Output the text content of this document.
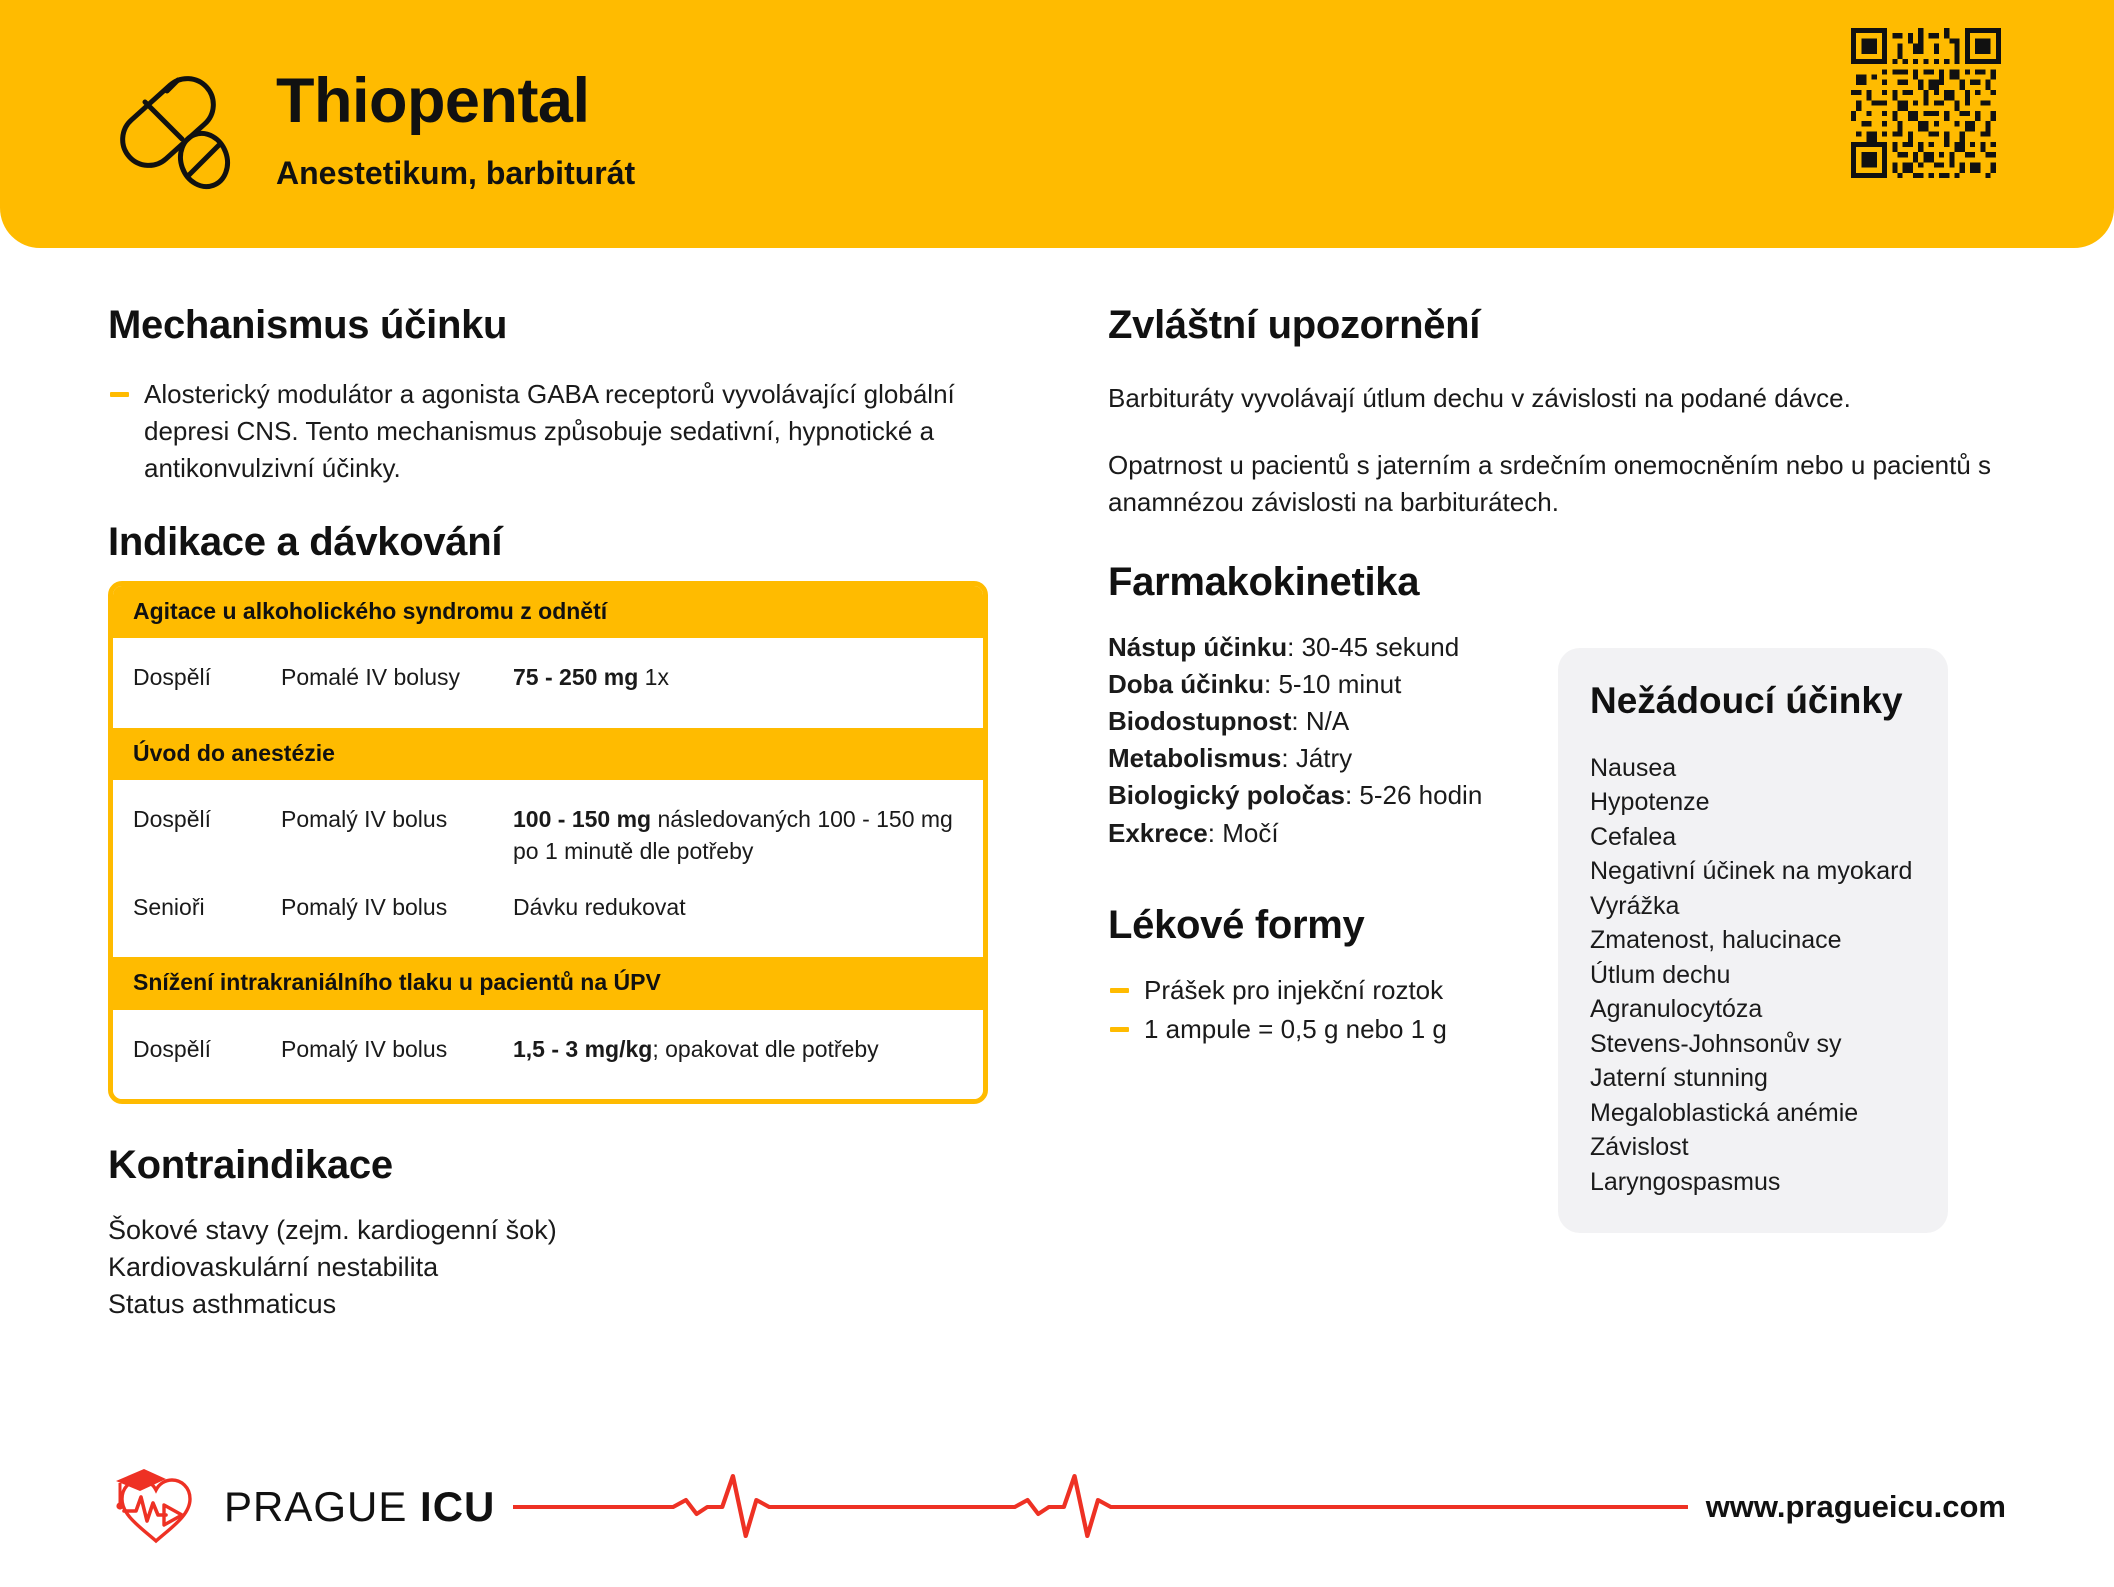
Thiopental
Anestetikum, barbiturát
Mechanismus účinku
Alosterický modulátor a agonista GABA receptorů vyvolávající globální depresi CNS. Tento mechanismus způsobuje sedativní, hypnotické a antikonvulzivní účinky.
Indikace a dávkování
Agitace u alkoholického syndromu z odnětí
Dospělí	Pomalé IV bolusy	75 - 250 mg 1x
Úvod do anestézie
Dospělí	Pomalý IV bolus	100 - 150 mg následovaných 100 - 150 mg po 1 minutě dle potřeby
Senioři	Pomalý IV bolus	Dávku redukovat
Snížení intrakraniálního tlaku u pacientů na ÚPV
Dospělí	Pomalý IV bolus	1,5 - 3 mg/kg; opakovat dle potřeby
Kontraindikace
Šokové stavy (zejm. kardiogenní šok)
Kardiovaskulární nestabilita
Status asthmaticus
Zvláštní upozornění

Barbituráty vyvolávají útlum dechu v závislosti na podané dávce.

Opatrnost u pacientů s jaterním a srdečním onemocněním nebo u pacientů s anamnézou závislosti na barbiturátech.

Farmakokinetika
Nástup účinku: 30-45 sekund
Doba účinku: 5-10 minut
Biodostupnost: N/A
Metabolismus: Játry
Biologický poločas: 5-26 hodin
Exkrece: Močí
Lékové formy
Prášek pro injekční roztok
1 ampule = 0,5 g nebo 1 g
Nežádoucí účinky
Nausea
Hypotenze
Cefalea
Negativní účinek na myokard
Vyrážka
Zmatenost, halucinace
Útlum dechu
Agranulocytóza
Stevens-Johnsonův sy
Jaterní stunning
Megaloblastická anémie
Závislost
Laryngospasmus
PRAGUE ICU	www.pragueicu.com
